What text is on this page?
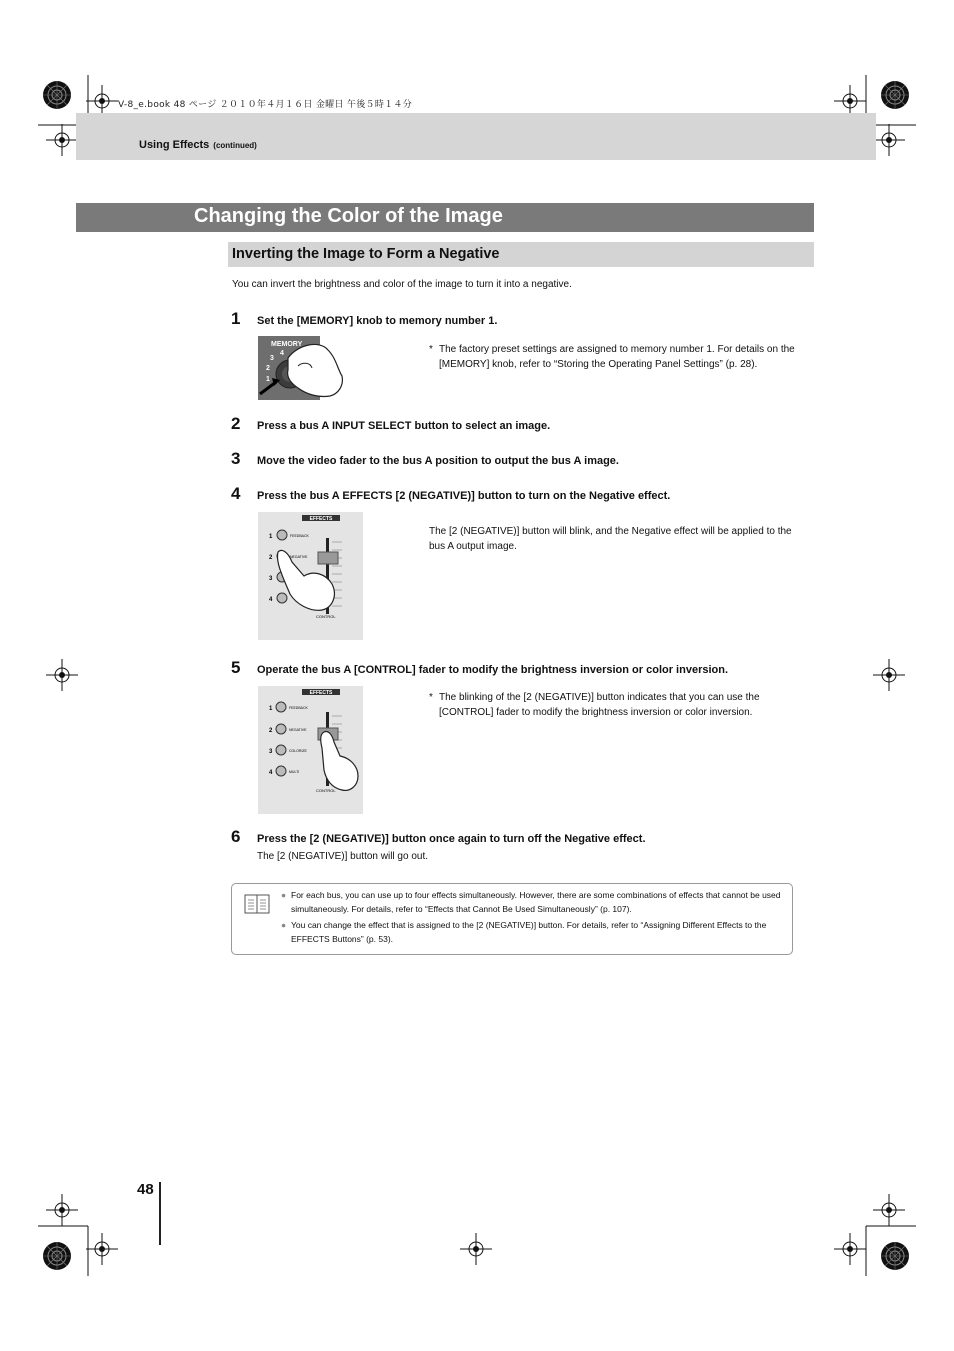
V-8_e.book 48 ページ ２０１０年４月１６日 金曜日 午後５時１４分
Using Effects (continued)
Changing the Color of the Image
Inverting the Image to Form a Negative
You can invert the brightness and color of the image to turn it into a negative.
1 Set the [MEMORY] knob to memory number 1.
MEMORY
3
4
2
1
* The factory preset settings are assigned to memory number 1. For details on the [MEMORY] knob, refer to “Storing the Operating Panel Settings” (p. 28).
2 Press a bus A INPUT SELECT button to select an image.
3 Move the video fader to the bus A position to output the bus A image.
4 Press the bus A EFFECTS [2 (NEGATIVE)] button to turn on the Negative effect.
EFFECTS
1	FEEDBACK
2	NEGATIVE
3
4
CONTROL
The [2 (NEGATIVE)] button will blink, and the Negative effect will be applied to the bus A output image.
5 Operate the bus A [CONTROL] fader to modify the brightness inversion or color inversion.
EFFECTS
1	FEEDBACK
2	NEGATIVE
3	COLORIZE
4	MULTI
CONTROL
* The blinking of the [2 (NEGATIVE)] button indicates that you can use the [CONTROL] fader to modify the brightness inversion or color inversion.
6 Press the [2 (NEGATIVE)] button once again to turn off the Negative effect.
The [2 (NEGATIVE)] button will go out.
● For each bus, you can use up to four effects simultaneously. However, there are some combinations of effects that cannot be used simultaneously. For details, refer to “Effects that Cannot Be Used Simultaneously” (p. 107).
● You can change the effect that is assigned to the [2 (NEGATIVE)] button. For details, refer to “Assigning Different Effects to the EFFECTS Buttons” (p. 53).
48
